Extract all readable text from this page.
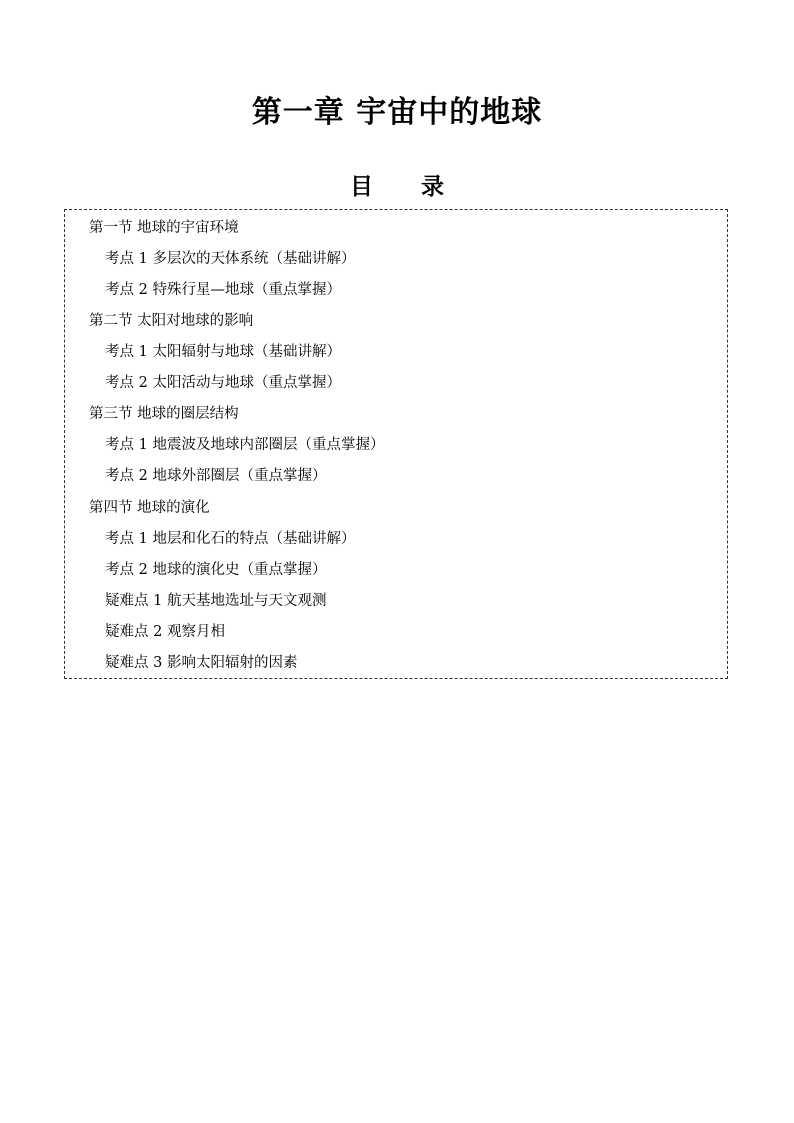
第一章 宇宙中的地球
目      录
第一节 地球的宇宙环境
考点 1 多层次的天体系统（基础讲解）
考点 2 特殊行星—地球（重点掌握）
第二节 太阳对地球的影响
考点 1 太阳辐射与地球（基础讲解）
考点 2 太阳活动与地球（重点掌握）
第三节 地球的圈层结构
考点 1 地震波及地球内部圈层（重点掌握）
考点 2 地球外部圈层（重点掌握）
第四节 地球的演化
考点 1 地层和化石的特点（基础讲解）
考点 2 地球的演化史（重点掌握）
疑难点 1 航天基地选址与天文观测
疑难点 2 观察月相
疑难点 3 影响太阳辐射的因素
